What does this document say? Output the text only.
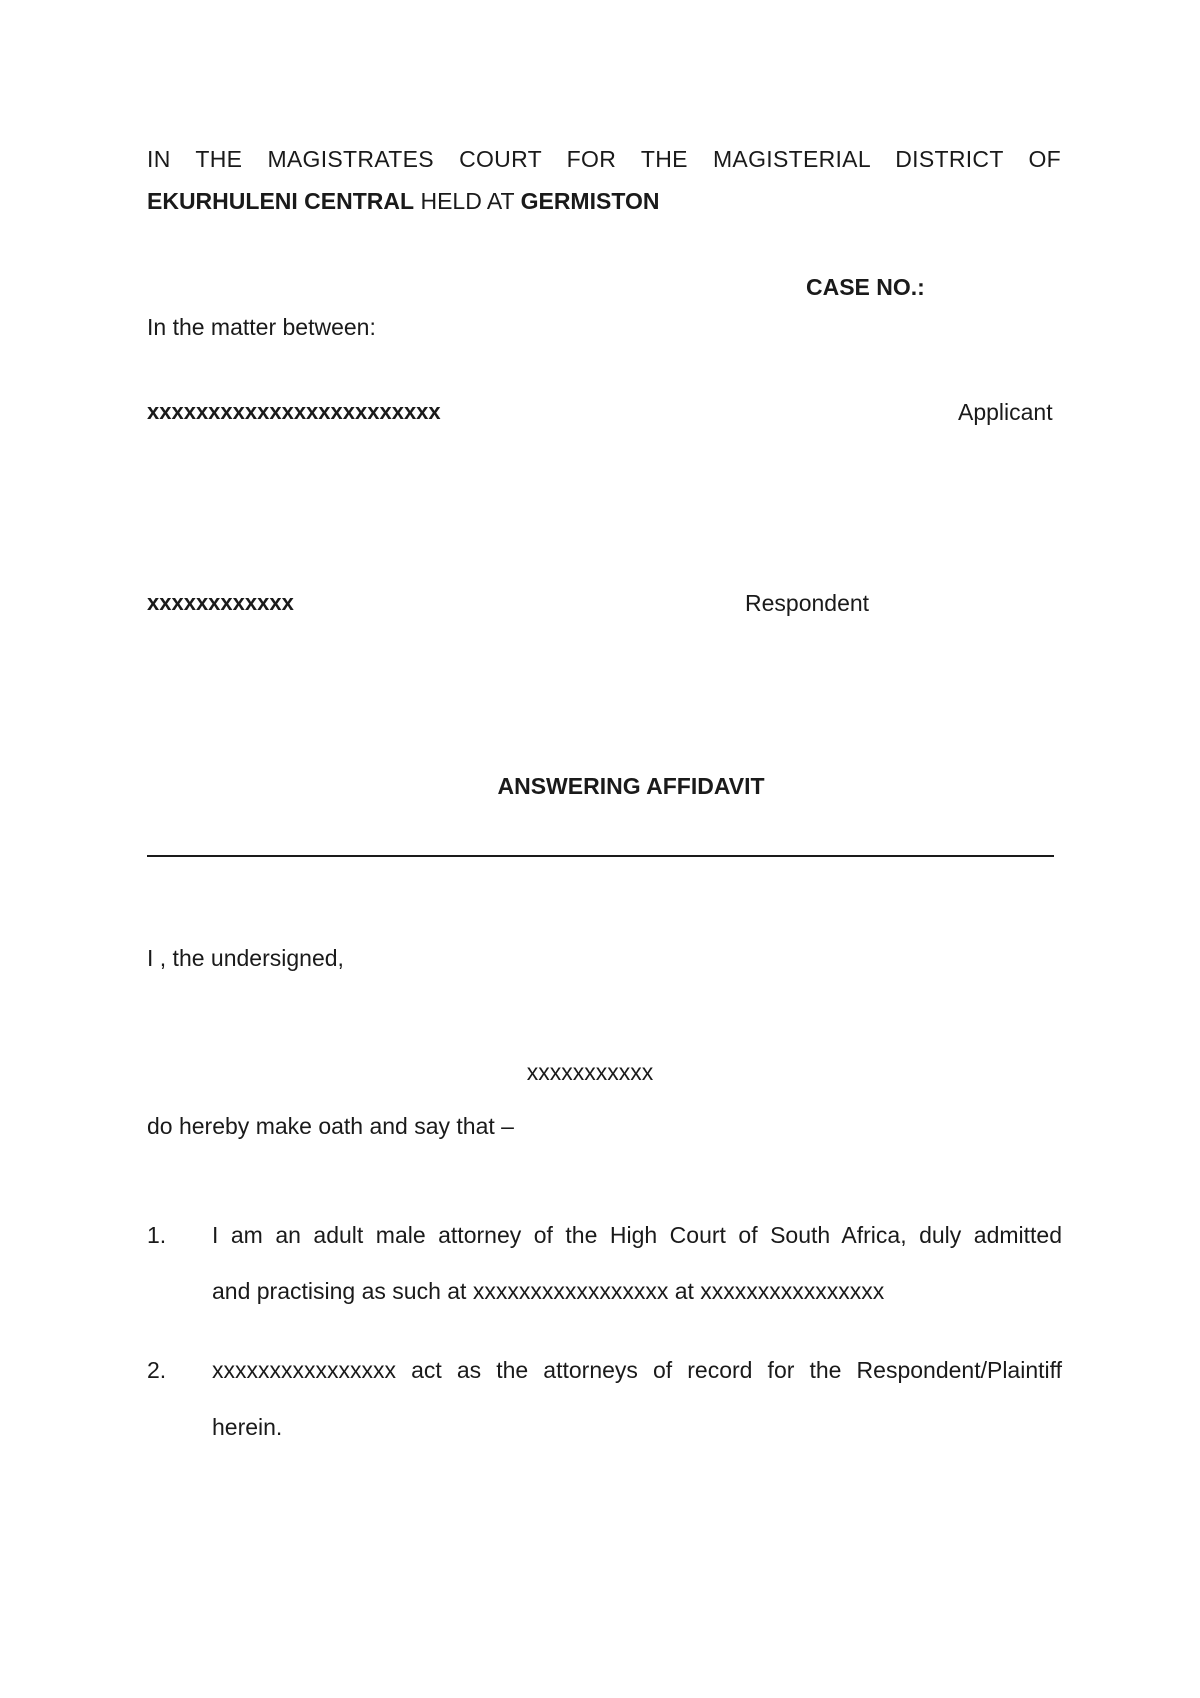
IN THE MAGISTRATES COURT FOR THE MAGISTERIAL DISTRICT OF
EKURHULENI CENTRAL HELD AT GERMISTON
CASE NO.:
In the matter between:
xxxxxxxxxxxxxxxxxxxxxxxx	Applicant
xxxxxxxxxxxx	Respondent
ANSWERING AFFIDAVIT
I , the undersigned,
xxxxxxxxxxx
do hereby make oath and say that –
1. I am an adult male attorney of the High Court of South Africa, duly admitted
and practising as such at xxxxxxxxxxxxxxxxx at xxxxxxxxxxxxxxxx
2. xxxxxxxxxxxxxxxx act as the attorneys of record for the Respondent/Plaintiff
herein.
